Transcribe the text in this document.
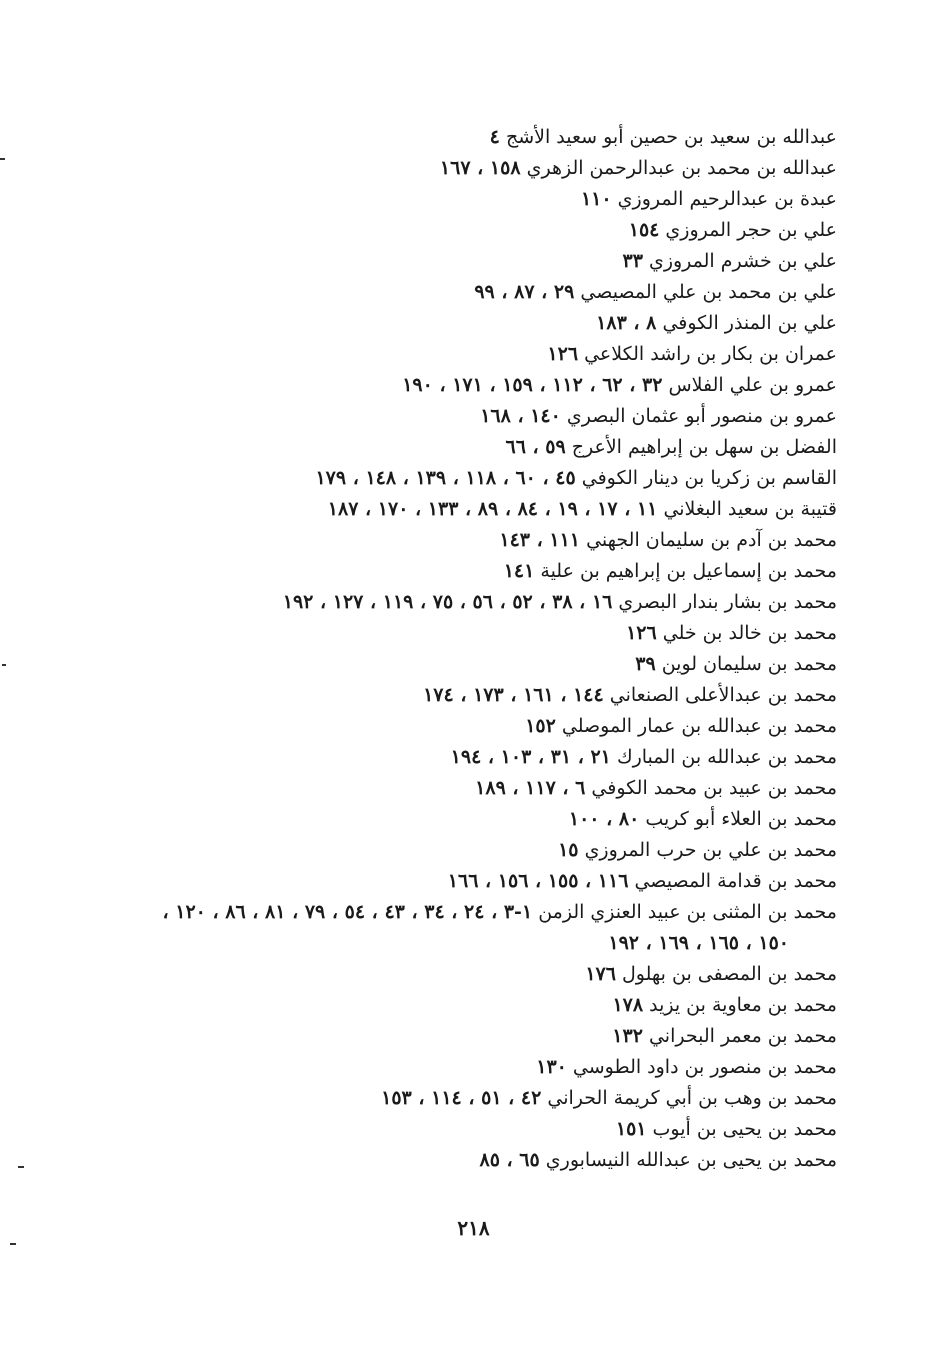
عبدالله بن سعيد بن حصين أبو سعيد الأشج ٤
عبدالله بن محمد بن عبدالرحمن الزهري ١٥٨ ، ١٦٧
عبدة بن عبدالرحيم المروزي ١١٠
علي بن حجر المروزي ١٥٤
علي بن خشرم المروزي ٣٣
علي بن محمد بن علي المصيصي ٢٩ ، ٨٧ ، ٩٩
علي بن المنذر الكوفي ٨ ، ١٨٣
عمران بن بكار بن راشد الكلاعي ١٢٦
عمرو بن علي الفلاس ٣٢ ، ٦٢ ، ١١٢ ، ١٥٩ ، ١٧١ ، ١٩٠
عمرو بن منصور أبو عثمان البصري ١٤٠ ، ١٦٨
الفضل بن سهل بن إبراهيم الأعرج ٥٩ ، ٦٦
القاسم بن زكريا بن دينار الكوفي ٤٥ ، ٦٠ ، ١١٨ ، ١٣٩ ، ١٤٨ ، ١٧٩
قتيبة بن سعيد البغلاني ١١ ، ١٧ ، ١٩ ، ٨٤ ، ٨٩ ، ١٣٣ ، ١٧٠ ، ١٨٧
محمد بن آدم بن سليمان الجهني ١١١ ، ١٤٣
محمد بن إسماعيل بن إبراهيم بن علية ١٤١
محمد بن بشار بندار البصري ١٦ ، ٣٨ ، ٥٢ ، ٥٦ ، ٧٥ ، ١١٩ ، ١٢٧ ، ١٩٢
محمد بن خالد بن خلي ١٢٦
محمد بن سليمان لوين ٣٩
محمد بن عبدالأعلى الصنعاني ١٤٤ ، ١٦١ ، ١٧٣ ، ١٧٤
محمد بن عبدالله بن عمار الموصلي ١٥٢
محمد بن عبدالله بن المبارك ٢١ ، ٣١ ، ١٠٣ ، ١٩٤
محمد بن عبيد بن محمد الكوفي ٦ ، ١١٧ ، ١٨٩
محمد بن العلاء أبو كريب ٨٠ ، ١٠٠
محمد بن علي بن حرب المروزي ١٥
محمد بن قدامة المصيصي ١١٦ ، ١٥٥ ، ١٥٦ ، ١٦٦
محمد بن المثنى بن عبيد العنزي الزمن ١-٣ ، ٢٤ ، ٣٤ ، ٤٣ ، ٥٤ ، ٧٩ ، ٨١ ، ٨٦ ، ١٢٠ ،
١٥٠ ، ١٦٥ ، ١٦٩ ، ١٩٢
محمد بن المصفى بن بهلول ١٧٦
محمد بن معاوية بن يزيد ١٧٨
محمد بن معمر البحراني ١٣٢
محمد بن منصور بن داود الطوسي ١٣٠
محمد بن وهب بن أبي كريمة الحراني ٤٢ ، ٥١ ، ١١٤ ، ١٥٣
محمد بن يحيى بن أيوب ١٥١
محمد بن يحيى بن عبدالله النيسابوري ٦٥ ، ٨٥
٢١٨
